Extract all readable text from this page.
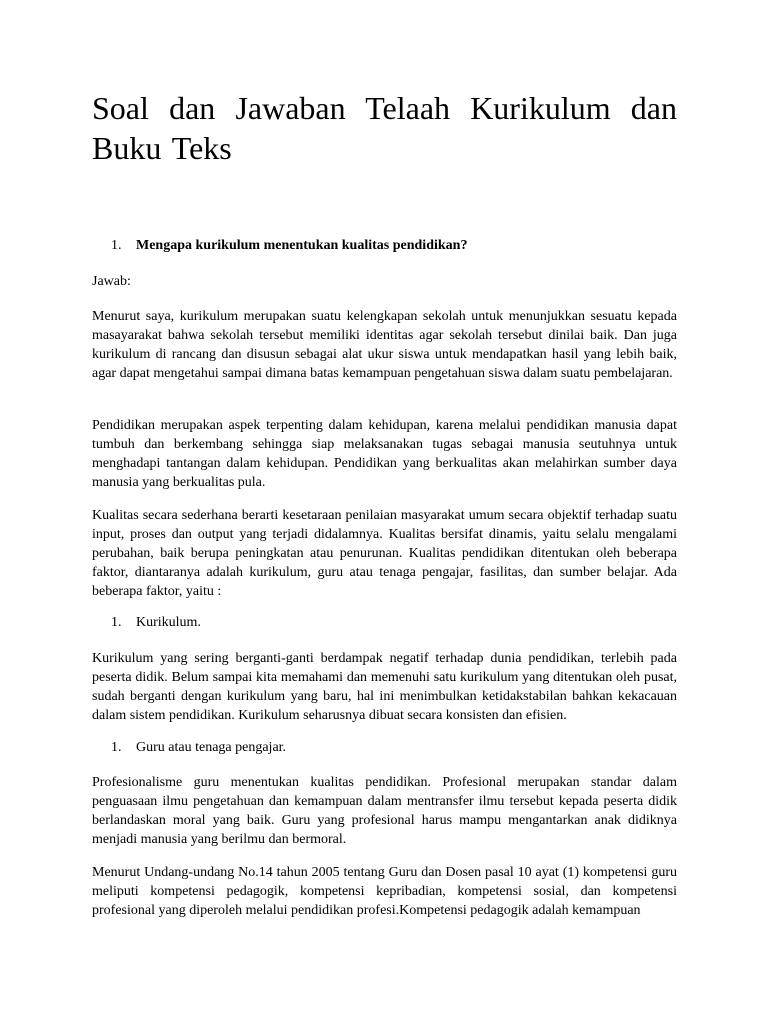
Soal dan Jawaban Telaah Kurikulum dan Buku Teks
1. Mengapa kurikulum menentukan kualitas pendidikan?

Jawab:

Menurut saya, kurikulum merupakan suatu kelengkapan sekolah untuk menunjukkan sesuatu kepada masayarakat bahwa sekolah tersebut memiliki identitas agar sekolah tersebut dinilai baik. Dan juga kurikulum di rancang dan disusun sebagai alat ukur siswa untuk mendapatkan hasil yang lebih baik, agar dapat mengetahui sampai dimana batas kemampuan pengetahuan siswa dalam suatu pembelajaran.

Pendidikan merupakan aspek terpenting dalam kehidupan, karena melalui pendidikan manusia dapat tumbuh dan berkembang sehingga siap melaksanakan tugas sebagai manusia seutuhnya untuk menghadapi tantangan dalam kehidupan. Pendidikan yang berkualitas akan melahirkan sumber daya manusia yang berkualitas pula.

Kualitas secara sederhana berarti kesetaraan penilaian masyarakat umum secara objektif terhadap suatu input, proses dan output yang terjadi didalamnya. Kualitas bersifat dinamis, yaitu selalu mengalami perubahan, baik berupa peningkatan atau penurunan. Kualitas pendidikan ditentukan oleh beberapa faktor, diantaranya adalah kurikulum, guru atau tenaga pengajar, fasilitas, dan sumber belajar. Ada beberapa faktor, yaitu :

1. Kurikulum.

Kurikulum yang sering berganti-ganti berdampak negatif terhadap dunia pendidikan, terlebih pada peserta didik. Belum sampai kita memahami dan memenuhi satu kurikulum yang ditentukan oleh pusat, sudah berganti dengan kurikulum yang baru, hal ini menimbulkan ketidakstabilan bahkan kekacauan dalam sistem pendidikan. Kurikulum seharusnya dibuat secara konsisten dan efisien.

1. Guru atau tenaga pengajar.

Profesionalisme guru menentukan kualitas pendidikan. Profesional merupakan standar dalam penguasaan ilmu pengetahuan dan kemampuan dalam mentransfer ilmu tersebut kepada peserta didik berlandaskan moral yang baik. Guru yang profesional harus mampu mengantarkan anak didiknya menjadi manusia yang berilmu dan bermoral.

Menurut Undang-undang No.14 tahun 2005 tentang Guru dan Dosen pasal 10 ayat (1) kompetensi guru meliputi kompetensi pedagogik, kompetensi kepribadian, kompetensi sosial, dan kompetensi profesional yang diperoleh melalui pendidikan profesi.Kompetensi pedagogik adalah kemampuan
